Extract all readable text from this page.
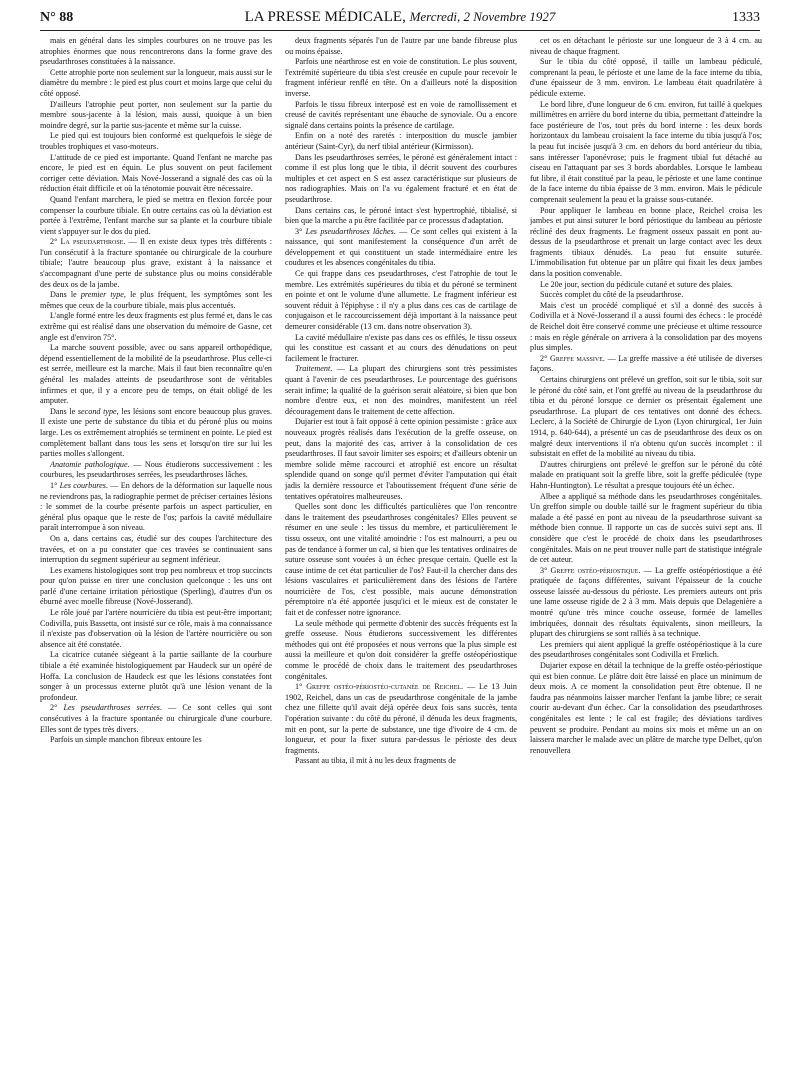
N° 88	LA PRESSE MÉDICALE, Mercredi, 2 Novembre 1927	1333

mais en général dans les simples courbures on ne trouve pas les atrophies énormes que nous rencontrerons dans la forme grave des pseudarthroses constituées à la naissance.

Cette atrophie porte non seulement sur la longueur, mais aussi sur le diamètre du membre : le pied est plus court et moins large que celui du côté opposé.

D'ailleurs l'atrophie peut porter, non seulement sur la partie du membre sous-jacente à la lésion, mais aussi, quoique à un bien moindre degré, sur la partie sus-jacente et même sur la cuisse.

Le pied qui est toujours bien conformé est quelquefois le siège de troubles trophiques et vaso-moteurs.

L'attitude de ce pied est importante. Quand l'enfant ne marche pas encore, le pied est en équin. Le plus souvent on peut facilement corriger cette déviation. Mais Nové-Josserand a signalé des cas où la réduction était difficile et où la ténotomie pouvait être nécessaire.

Quand l'enfant marchera, le pied se mettra en flexion forcée pour compenser la courbure tibiale. En outre certains cas où la déviation est portée à l'extrême, l'enfant marche sur sa plante et la courbure tibiale vient s'appuyer sur le dos du pied.

2° La pseudarthrose. — Il en existe deux types très différents : l'un consécutif à la fracture spontanée ou chirurgicale de la courbure tibiale; l'autre beaucoup plus grave, existant à la naissance et s'accompagnant d'une perte de substance plus ou moins considérable des deux os de la jambe.

Dans le premier type, le plus fréquent, les symptômes sont les mêmes que ceux de la courbure tibiale, mais plus accentués.

L'angle formé entre les deux fragments est plus fermé et, dans le cas extrême qui est réalisé dans une observation du mémoire de Gasne, cet angle est d'environ 75°.

La marche souvent possible, avec ou sans appareil orthopédique, dépend essentiellement de la mobilité de la pseudarthrose. Plus celle-ci est serrée, meilleure est la marche. Mais il faut bien reconnaître qu'en général les malades atteints de pseudarthrose sont de véritables infirmes et que, il y a encore peu de temps, on était obligé de les amputer.

Dans le second type, les lésions sont encore beaucoup plus graves. Il existe une perte de substance du tibia et du péroné plus ou moins large. Les os extrêmement atrophiés se terminent en pointe. Le pied est complètement ballant dans tous les sens et lorsqu'on tire sur lui les parties molles s'allongent.

Anatomie pathologique. — Nous étudierons successivement : les courbures, les pseudarthroses serrées, les pseudarthroses lâches.

1° Les courbures. — En dehors de la déformation sur laquelle nous ne reviendrons pas, la radiographie permet de préciser certaines lésions : le sommet de la courbe présente parfois un aspect particulier, en général plus opaque que le reste de l'os; parfois la cavité médullaire paraît interrompue à son niveau.

On a, dans certains cas, étudié sur des coupes l'architecture des travées, et on a pu constater que ces travées se continuaient sans interruption du segment supérieur au segment inférieur.

Les examens histologiques sont trop peu nombreux et trop succincts pour qu'on puisse en tirer une conclusion quelconque : les uns ont parlé d'une certaine irritation périostique (Sperling), d'autres d'un os éburné avec moelle fibreuse (Nové-Josserand).

Le rôle joué par l'artère nourricière du tibia est peut-être important; Codivilla, puis Bassetta, ont insisté sur ce rôle, mais à ma connaissance il n'existe pas d'observation où la lésion de l'artère nourricière ou son absence ait été constatée.

La cicatrice cutanée siégeant à la partie saillante de la courbure tibiale a été examinée histologiquement par Haudeck sur un opéré de Hoffa. La conclusion de Haudeck est que les lésions constatées font songer à un processus externe plutôt qu'à une lésion venant de la profondeur.

2° Les pseudarthroses serrées. — Ce sont celles qui sont consécutives à la fracture spontanée ou chirurgicale d'une courbure. Elles sont de types très divers.

Parfois un simple manchon fibreux entoure les

deux fragments séparés l'un de l'autre par une bande fibreuse plus ou moins épaisse.

Parfois une néarthrose est en voie de constitution. Le plus souvent, l'extrémité supérieure du tibia s'est creusée en cupule pour recevoir le fragment inférieur renflé en tête. On a d'ailleurs noté la disposition inverse.

Parfois le tissu fibreux interposé est en voie de ramollissement et creusé de cavités représentant une ébauche de synoviale. Ou a encore signalé dans certains points la présence de cartilage.

Enfin on a noté des raretés : interposition du muscle jambier antérieur (Saint-Cyr), du nerf tibial antérieur (Kirmisson).

Dans les pseudarthroses serrées, le péroné est généralement intact : comme il est plus long que le tibia, il décrit souvent des courbures multiples et cet aspect en S est assez caractéristique sur plusieurs de nos radiographies. Mais on l'a vu également fracturé et en état de pseudarthrose.

Dans certains cas, le péroné intact s'est hypertrophié, tibialisé, si bien que la marche a pu être facilitée par ce processus d'adaptation.

3° Les pseudarthroses lâches. — Ce sont celles qui existent à la naissance, qui sont manifestement la conséquence d'un arrêt de développement et qui constituent un stade intermédiaire entre les coudures et les absences congénitales du tibia.

Ce qui frappe dans ces pseudarthroses, c'est l'atrophie de tout le membre. Les extrémités supérieures du tibia et du péroné se terminent en pointe et ont le volume d'une allumette. Le fragment inférieur est souvent réduit à l'épiphyse : il n'y a plus dans ces cas de cartilage de conjugaison et le raccourcissement déjà important à la naissance peut demeurer considérable (13 cm. dans notre observation 3).

La cavité médullaire n'existe pas dans ces os effilés, le tissu osseux qui les constitue est cassant et au cours des dénudations on peut facilement le fracturer.

Traitement. — La plupart des chirurgiens sont très pessimistes quant à l'avenir de ces pseudarthroses. Le pourcentage des guérisons serait infime; la qualité de la guérison serait aléatoire, si bien que bon nombre d'entre eux, et non des moindres, manifestent un réel découragement dans le traitement de cette affection.

Dujarier est tout à fait opposé à cette opinion pessimiste : grâce aux nouveaux progrès réalisés dans l'exécution de la greffe osseuse, on peut, dans la majorité des cas, arriver à la consolidation de ces pseudarthroses. Il faut savoir limiter ses espoirs; et d'ailleurs obtenir un membre solide même raccourci et atrophié est encore un résultat splendide quand on songe qu'il permet d'éviter l'amputation qui était jadis la dernière ressource et l'aboutissement fréquent d'une série de tentatives opératoires malheureuses.

Quelles sont donc les difficultés particulières que l'on rencontre dans le traitement des pseudarthroses congénitales? Elles peuvent se résumer en une seule : les tissus du membre, et particulièrement le tissu osseux, ont une vitalité amoindrie : l'os est malnourri, a peu ou pas de tendance à former un cal, si bien que les tentatives ordinaires de suture osseuse sont vouées à un échec presque certain. Quelle est la cause intime de cet état particulier de l'os? Faut-il la chercher dans des lésions vasculaires et particulièrement dans des lésions de l'artère nourricière de l'os, c'est possible, mais aucune démonstration péremptoire n'a été apportée jusqu'ici et le mieux est de constater le fait et de confesser notre ignorance.

La seule méthode qui permette d'obtenir des succès fréquents est la greffe osseuse. Nous étudierons successivement les différentes méthodes qui ont été proposées et nous verrons que la plus simple est aussi la meilleure et qu'on doit considérer la greffe ostéopériostique comme le procédé de choix dans le traitement des pseudarthroses congénitales.

1° Greffe ostéo-périostéo-cutanée de Reichel. — Le 13 Juin 1902, Reichel, dans un cas de pseudarthrose congénitale de la jambe chez une fillette qu'il avait déjà opérée deux fois sans succès, tenta l'opération suivante : du côté du péroné, il dénuda les deux fragments, mit en pont, sur la perte de substance, une tige d'ivoire de 4 cm. de longueur, et pour la fixer sutura par-dessus le périoste des deux fragments.

Passant au tibia, il mit à nu les deux fragments de

cet os en détachant le périoste sur une longueur de 3 à 4 cm. au niveau de chaque fragment.

Sur le tibia du côté opposé, il taille un lambeau pédiculé, comprenant la peau, le périoste et une lame de la face interne du tibia, d'une épaisseur de 3 mm. environ. Le lambeau était quadrilatère à pédicule externe.

Le bord libre, d'une longueur de 6 cm. environ, fut taillé à quelques millimètres en arrière du bord interne du tibia, permettant d'atteindre la face postérieure de l'os, tout près du bord interne : les deux bords horizontaux du lambeau croisaient la face interne du tibia jusqu'à l'os; la peau fut incisée jusqu'à 3 cm. en dehors du bord antérieur du tibia, sans intéresser l'aponévrose; puis le fragment tibial fut détaché au ciseau en l'attaquant par ses 3 bords abordables. Lorsque le lambeau fut libre, il était constitué par la peau, le périoste et une lame continue de la face interne du tibia épaisse de 3 mm. environ. Mais le pédicule comprenait seulement la peau et la graisse sous-cutanée.

Pour appliquer le lambeau en bonne place, Reichel croisa les jambes et put ainsi suturer le bord périostique du lambeau au périoste récliné des deux fragments. Le fragment osseux passait en pont au-dessus de la pseudarthrose et prenait un large contact avec les deux fragments tibiaux dénudés. La peau fut ensuite suturée. L'immobilisation fut obtenue par un plâtre qui fixait les deux jambes dans la position convenable.

Le 20e jour, section du pédicule cutané et suture des plaies.

Succès complet du côté de la pseudarthrose.

Mais c'est un procédé compliqué et s'il a donné des succès à Codivilla et à Nové-Josserand il a aussi fourni des échecs : le procédé de Reichel doit être conservé comme une précieuse et ultime ressource : mais en règle générale on arrivera à la consolidation par des moyens plus simples.

2° Greffe massive. — La greffe massive a été utilisée de diverses façons.

Certains chirurgiens ont prélevé un greffon, soit sur le tibia, soit sur le péroné du côté sain, et l'ont greffé au niveau de la pseudarthrose du tibia et du péroné lorsque ce dernier os présentait également une pseudarthrose. La plupart de ces tentatives ont donné des échecs. Leclerc, à la Société de Chirurgie de Lyon (Lyon chirurgical, 1er Juin 1914, p. 640-644), a présenté un cas de pseudarthrose des deux os on malgré deux interventions il n'a obtenu qu'un succès incomplet : il subsistait en effet de la mobilité au niveau du tibia.

D'autres chirurgiens ont prélevé le greffon sur le péroné du côté malade en pratiquant soit la greffe libre, soit la greffe pédiculée (type Hahn-Huntington). Le résultat a presque toujours été un échec.

Albee a appliqué sa méthode dans les pseudarthroses congénitales. Un greffon simple ou double taillé sur le fragment supérieur du tibia malade a été passé en pont au niveau de la pseudarthrose suivant sa méthode bien connue. Il rapporte un cas de succès suivi sept ans. Il considère que c'est le procédé de choix dans les pseudarthroses congénitales. Mais on ne peut trouver nulle part de statistique intégrale de cet auteur.

3° Greffe ostéo-périostique. — La greffe ostéopériostique a été pratiquée de façons différentes, suivant l'épaisseur de la couche osseuse laissée au-dessous du périoste. Les premiers auteurs ont pris une lame osseuse rigide de 2 à 3 mm. Mais depuis que Delagenière a montré qu'une très mince couche osseuse, formée de lamelles imbriquées, donnait des résultats équivalents, sinon meilleurs, la plupart des chirurgiens se sont ralliés à sa technique.

Les premiers qui aient appliqué la greffe ostéopériostique à la cure des pseudarthroses congénitales sont Codivilla et Frœlich.

Dujarier expose en détail la technique de la greffe ostéo-périostique qui est bien connue. Le plâtre doit être laissé en place un minimum de deux mois. A ce moment la consolidation peut être obtenue. Il ne faudra pas néanmoins laisser marcher l'enfant la jambe libre; ce serait courir au-devant d'un échec. Car la consolidation des pseudarthroses congénitales est lente ; le cal est fragile; des déviations tardives peuvent se produire. Pendant au moins six mois et même un an on laissera marcher le malade avec un plâtre de marche type Delbet, qu'on renouvellera
